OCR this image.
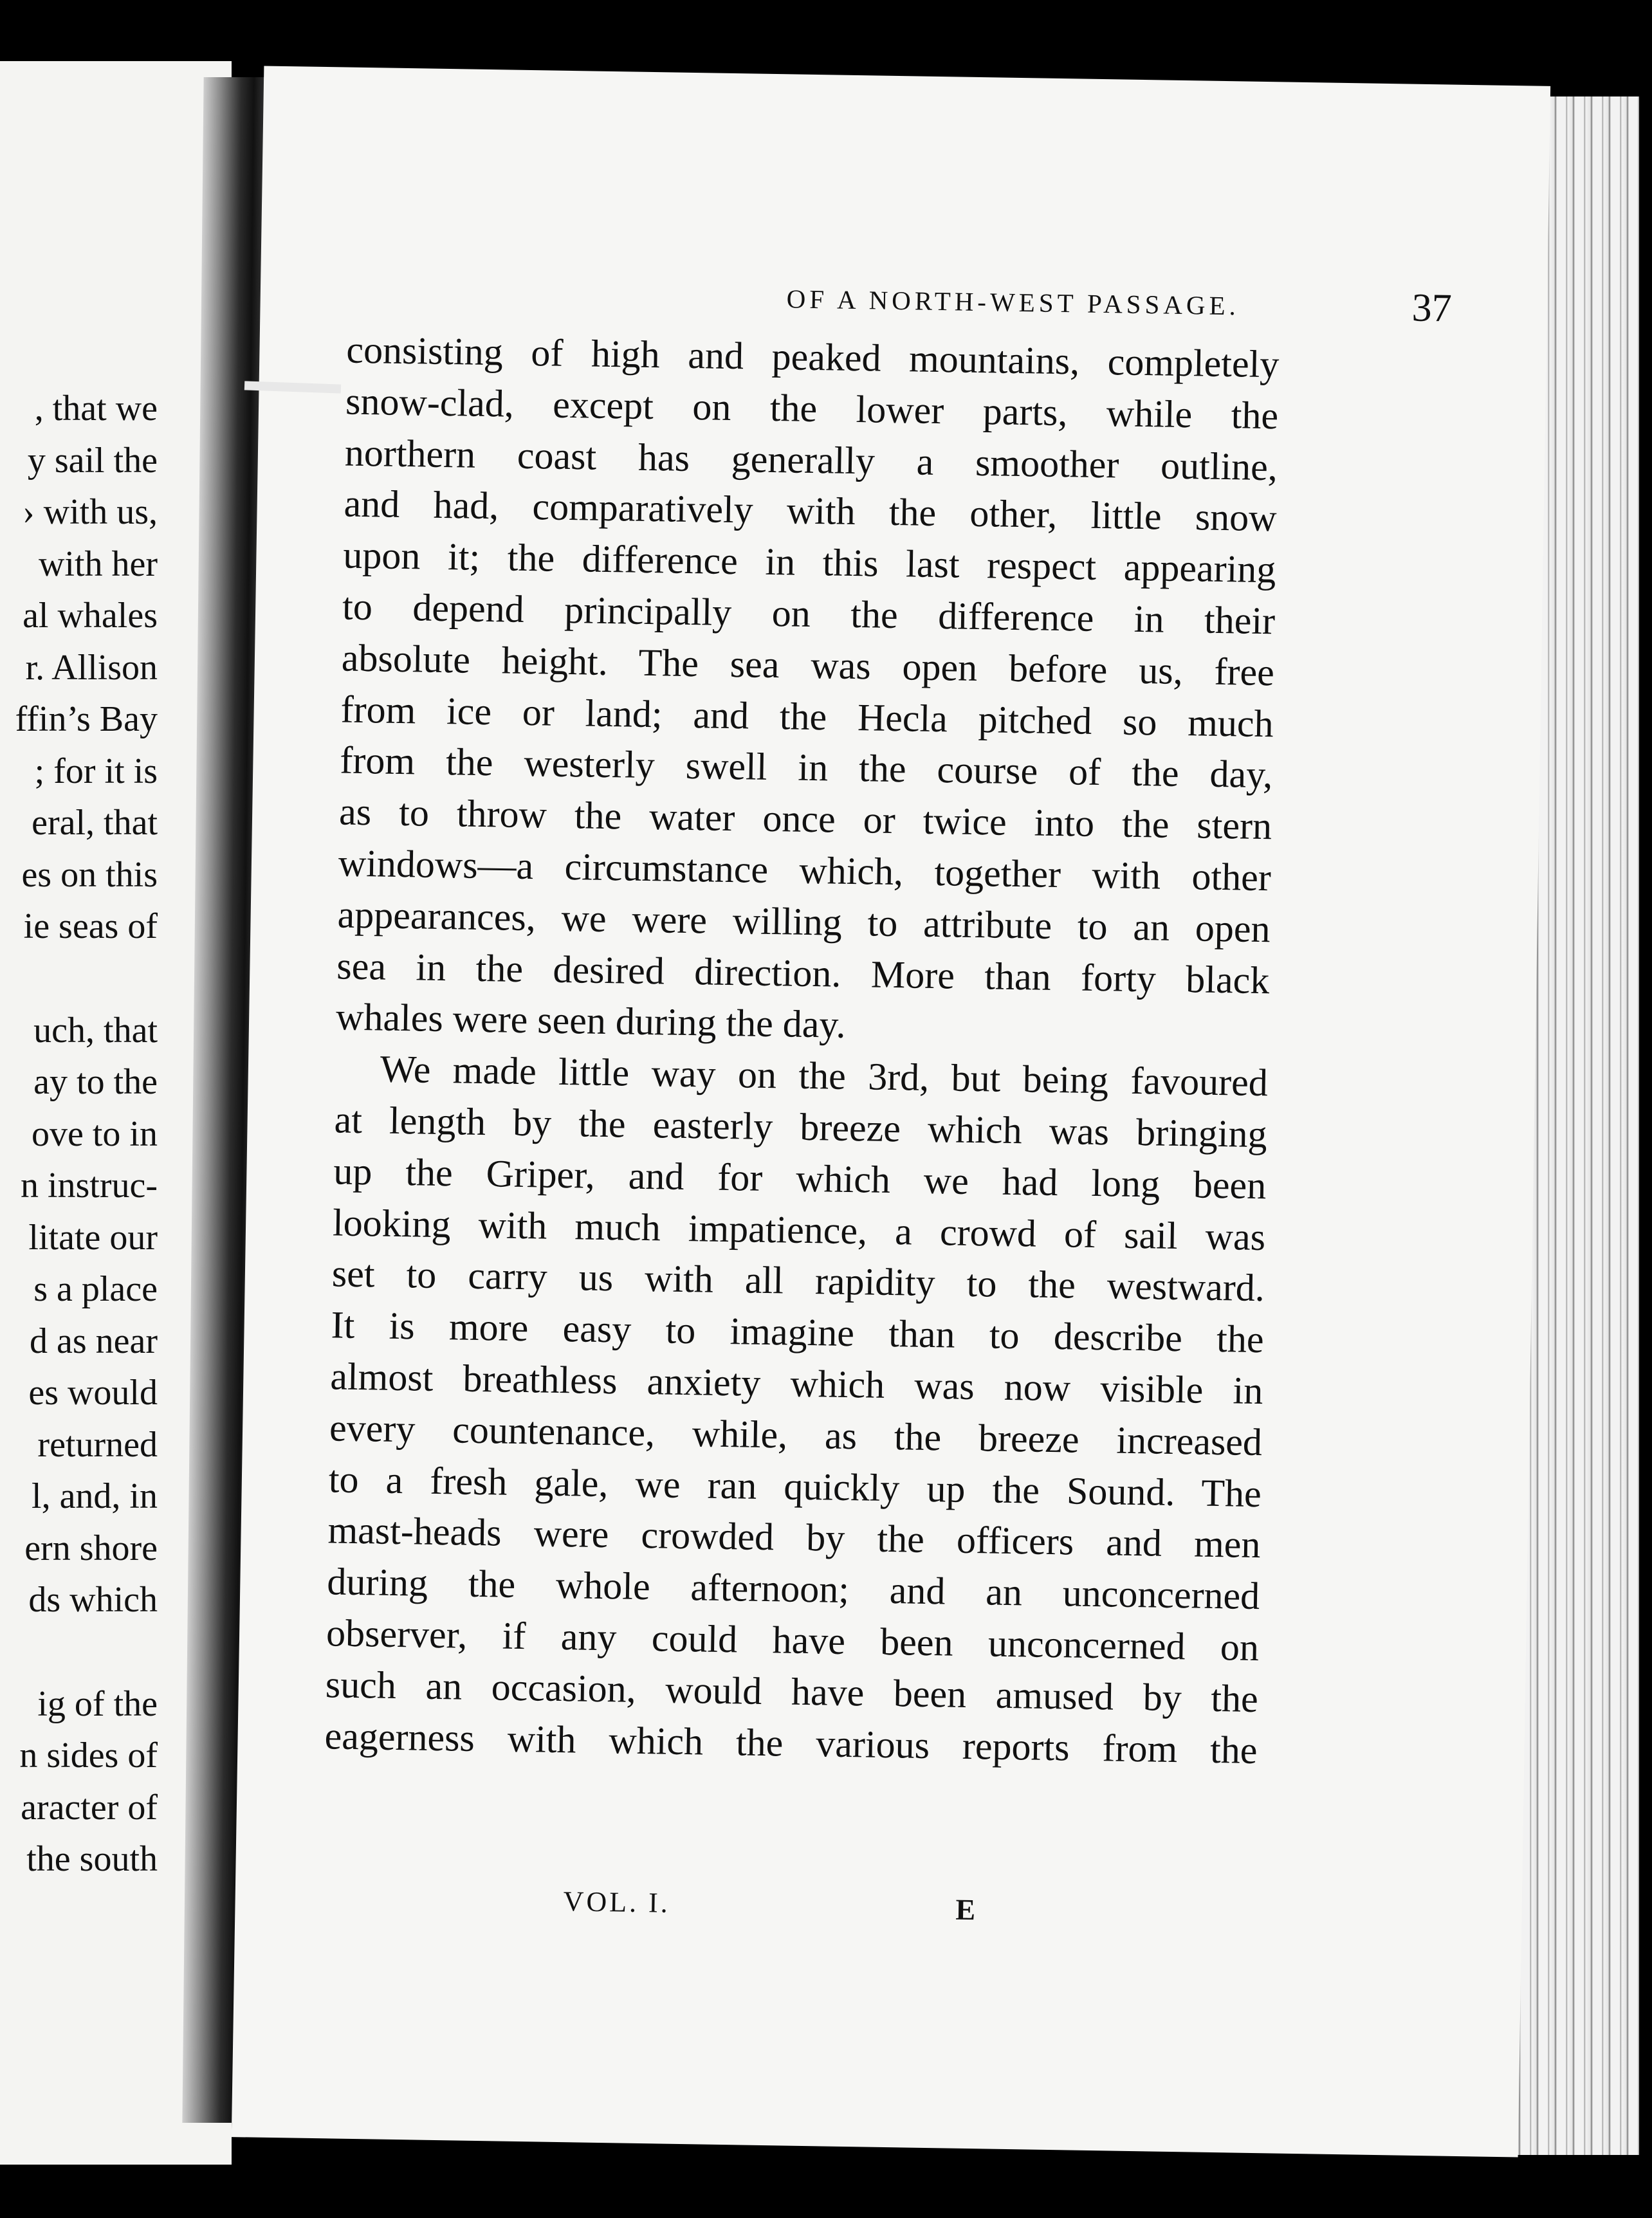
, that we
y sail the
› with us,
with her
al whales
r. Allison
ffin’s Bay
; for it is
eral, that
es on this
ie seas of
uch, that
ay to the
ove to in
n instruc-
litate our
s a place
d as near
es would
returned
l, and, in
ern shore
ds which
ig of the
n sides of
aracter of
the south
OF A NORTH-WEST PASSAGE.	37
consisting of high and peaked mountains, completely
snow-clad, except on the lower parts, while the
northern coast has generally a smoother outline,
and had, comparatively with the other, little snow
upon it; the difference in this last respect appearing
to depend principally on the difference in their
absolute height. The sea was open before us, free
from ice or land; and the Hecla pitched so much
from the westerly swell in the course of the day,
as to throw the water once or twice into the stern
windows—a circumstance which, together with other
appearances, we were willing to attribute to an open
sea in the desired direction. More than forty black
whales were seen during the day.
We made little way on the 3rd, but being favoured
at length by the easterly breeze which was bringing
up the Griper, and for which we had long been
looking with much impatience, a crowd of sail was
set to carry us with all rapidity to the westward.
It is more easy to imagine than to describe the
almost breathless anxiety which was now visible in
every countenance, while, as the breeze increased
to a fresh gale, we ran quickly up the Sound. The
mast-heads were crowded by the officers and men
during the whole afternoon; and an unconcerned
observer, if any could have been unconcerned on
such an occasion, would have been amused by the
eagerness with which the various reports from the
VOL. I.	E
